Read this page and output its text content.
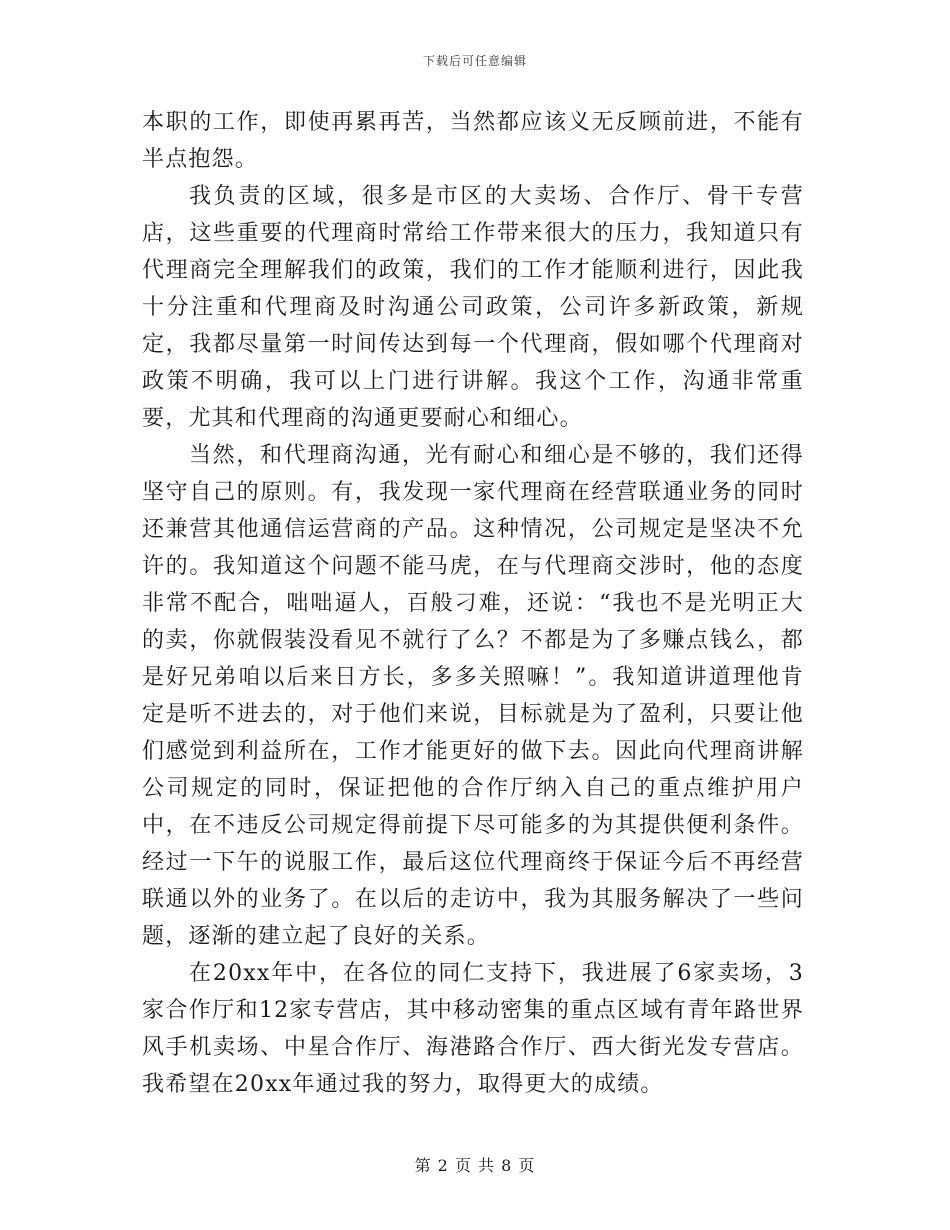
下载后可任意编辑

本职的工作，即使再累再苦，当然都应该义无反顾前进，不能有半点抱怨。

我负责的区域，很多是市区的大卖场、合作厅、骨干专营店，这些重要的代理商时常给工作带来很大的压力，我知道只有代理商完全理解我们的政策，我们的工作才能顺利进行，因此我十分注重和代理商及时沟通公司政策，公司许多新政策，新规定，我都尽量第一时间传达到每一个代理商，假如哪个代理商对政策不明确，我可以上门进行讲解。我这个工作，沟通非常重要，尤其和代理商的沟通更要耐心和细心。

当然，和代理商沟通，光有耐心和细心是不够的，我们还得坚守自己的原则。有，我发现一家代理商在经营联通业务的同时还兼营其他通信运营商的产品。这种情况，公司规定是坚决不允许的。我知道这个问题不能马虎，在与代理商交涉时，他的态度非常不配合，咄咄逼人，百般刁难，还说：“我也不是光明正大的卖，你就假装没看见不就行了么？不都是为了多赚点钱么，都是好兄弟咱以后来日方长，多多关照嘛！”。我知道讲道理他肯定是听不进去的，对于他们来说，目标就是为了盈利，只要让他们感觉到利益所在，工作才能更好的做下去。因此向代理商讲解公司规定的同时，保证把他的合作厅纳入自己的重点维护用户中，在不违反公司规定得前提下尽可能多的为其提供便利条件。经过一下午的说服工作，最后这位代理商终于保证今后不再经营联通以外的业务了。在以后的走访中，我为其服务解决了一些问题，逐渐的建立起了良好的关系。

在20xx年中，在各位的同仁支持下，我进展了6家卖场，3家合作厅和12家专营店，其中移动密集的重点区域有青年路世界风手机卖场、中星合作厅、海港路合作厅、西大街光发专营店。我希望在20xx年通过我的努力，取得更大的成绩。

第 2 页 共 8 页
